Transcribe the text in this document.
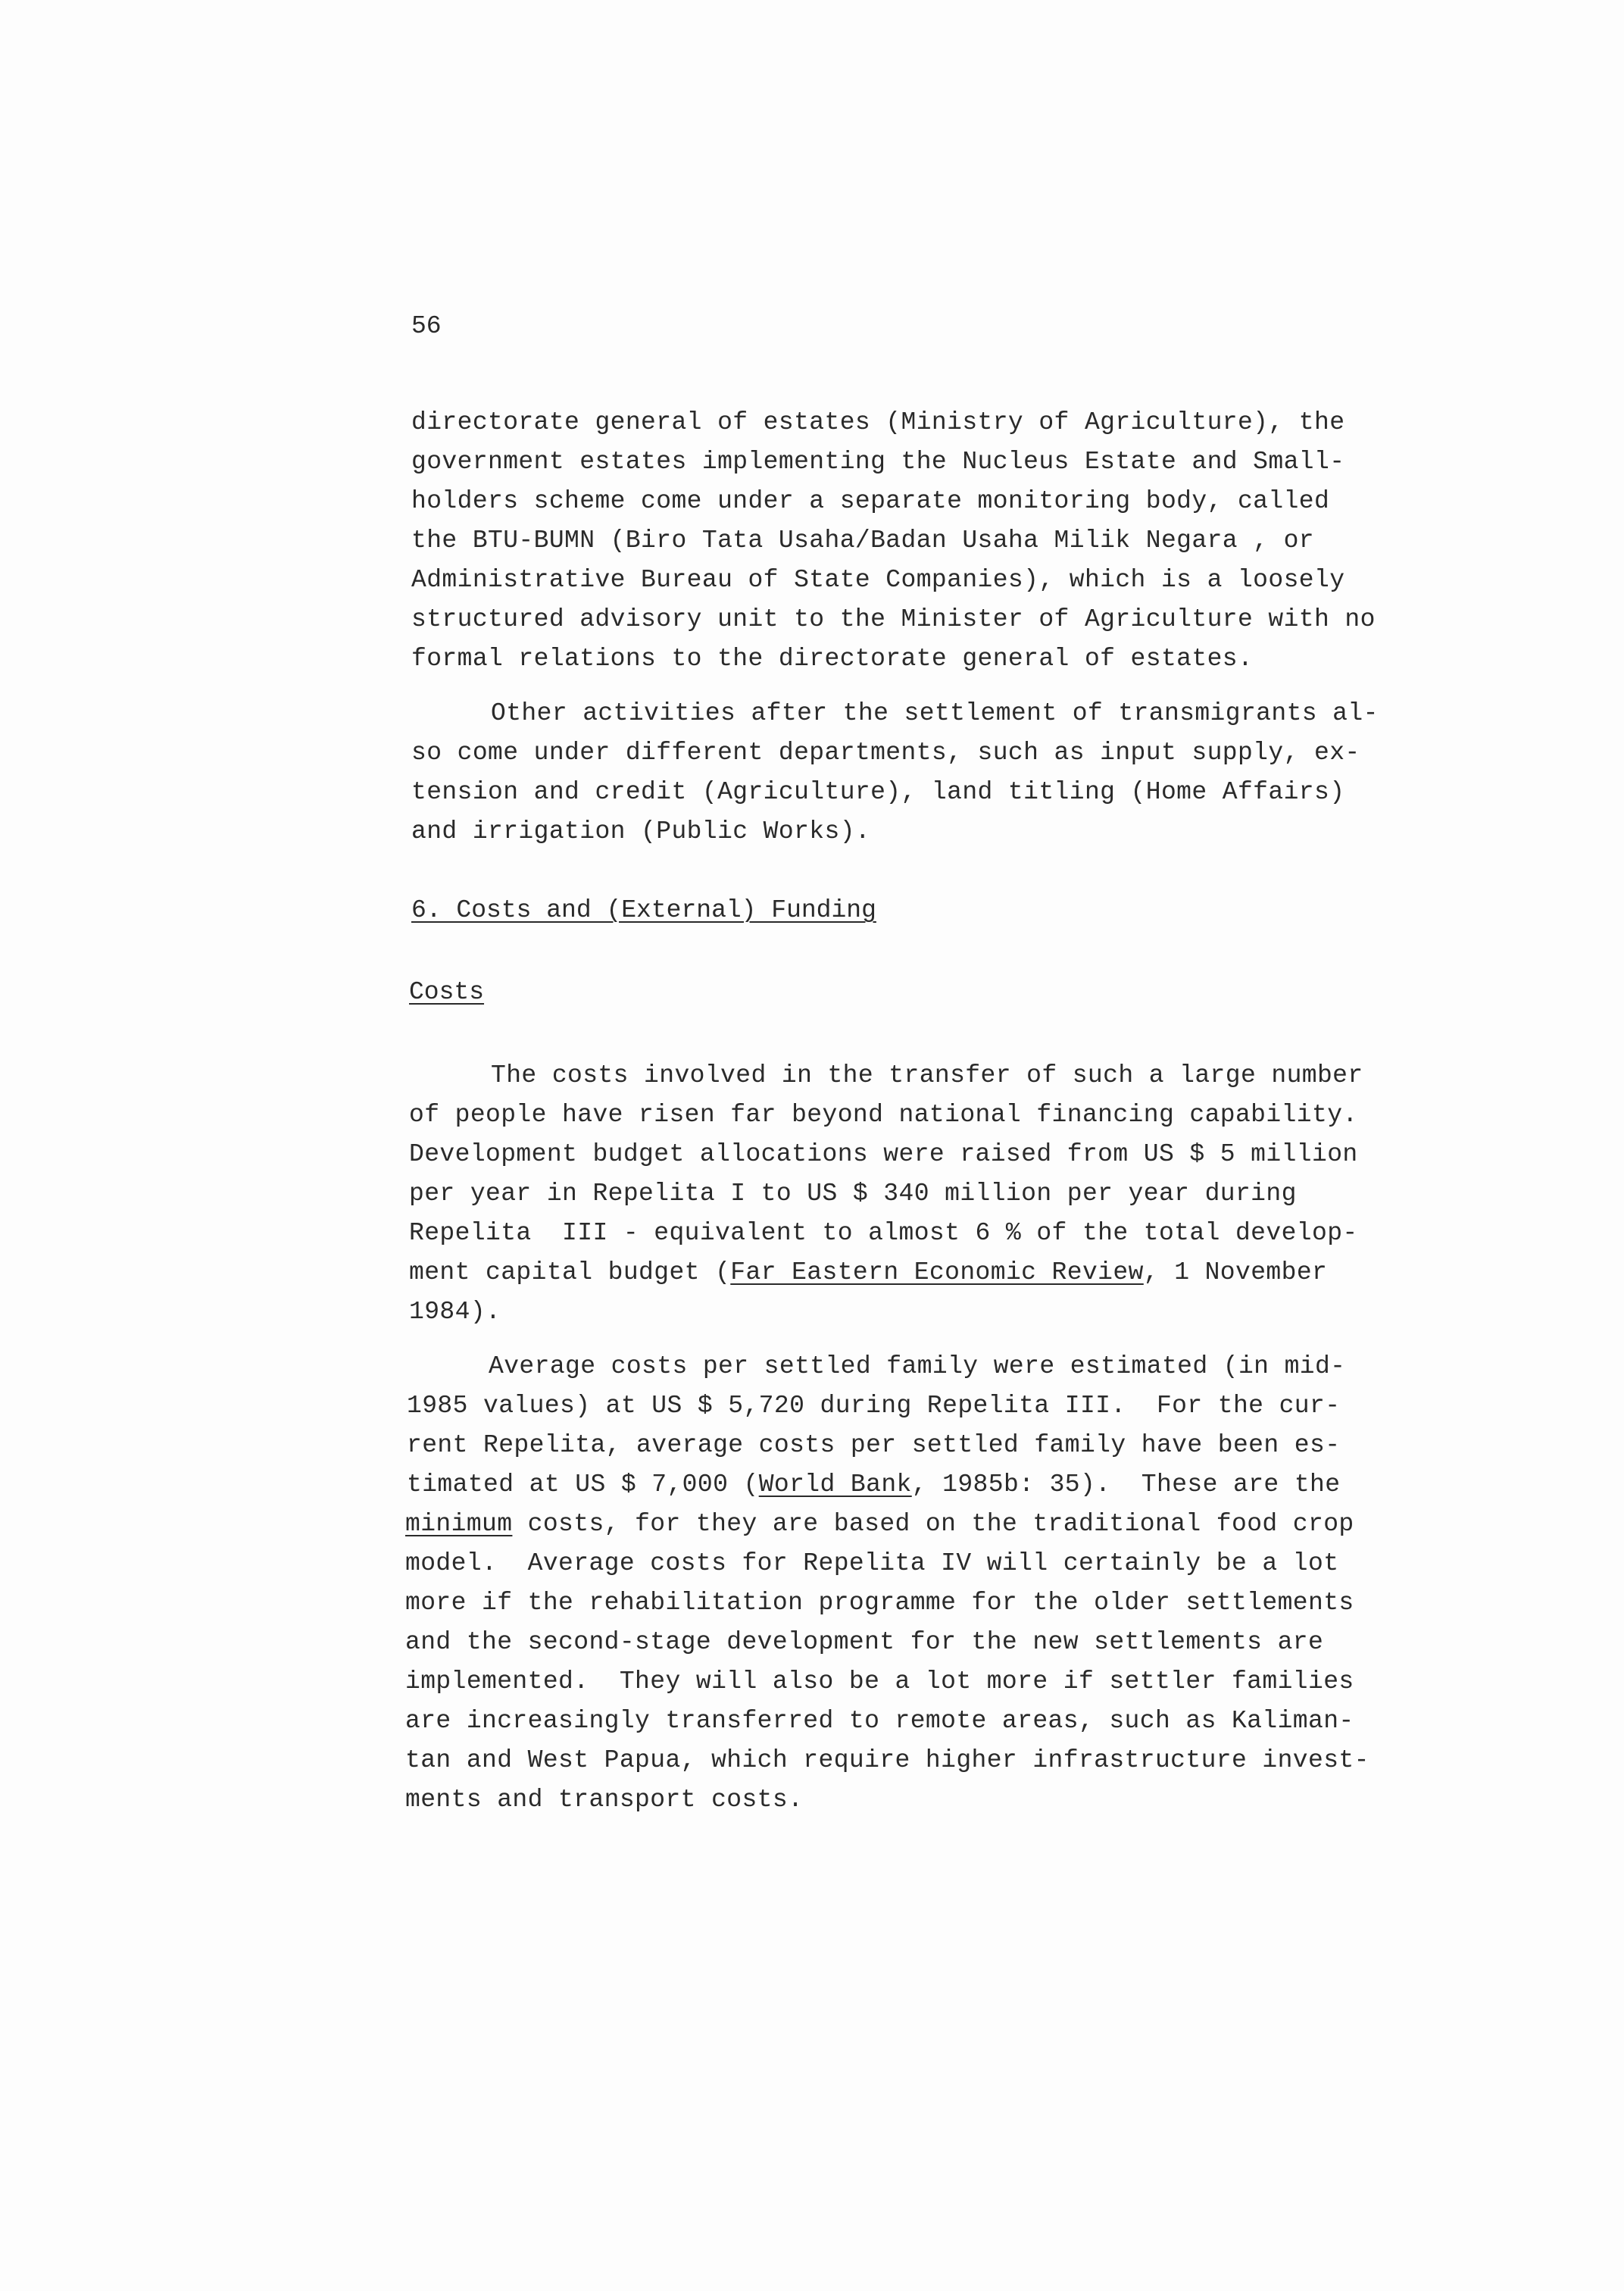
56
directorate general of estates (Ministry of Agriculture), the
government estates implementing the Nucleus Estate and Small-
holders scheme come under a separate monitoring body, called
the BTU-BUMN (Biro Tata Usaha/Badan Usaha Milik Negara , or
Administrative Bureau of State Companies), which is a loosely
structured advisory unit to the Minister of Agriculture with no
formal relations to the directorate general of estates.
Other activities after the settlement of transmigrants al-
so come under different departments, such as input supply, ex-
tension and credit (Agriculture), land titling (Home Affairs)
and irrigation (Public Works).
6. Costs and (External) Funding
Costs
The costs involved in the transfer of such a large number
of people have risen far beyond national financing capability.
Development budget allocations were raised from US $ 5 million
per year in Repelita I to US $ 340 million per year during
Repelita  III - equivalent to almost 6 % of the total develop-
ment capital budget (Far Eastern Economic Review, 1 November
1984).
Average costs per settled family were estimated (in mid-
1985 values) at US $ 5,720 during Repelita III.  For the cur-
rent Repelita, average costs per settled family have been es-
timated at US $ 7,000 (World Bank, 1985b: 35).  These are the
minimum costs, for they are based on the traditional food crop
model.  Average costs for Repelita IV will certainly be a lot
more if the rehabilitation programme for the older settlements
and the second-stage development for the new settlements are
implemented.  They will also be a lot more if settler families
are increasingly transferred to remote areas, such as Kaliman-
tan and West Papua, which require higher infrastructure invest-
ments and transport costs.
